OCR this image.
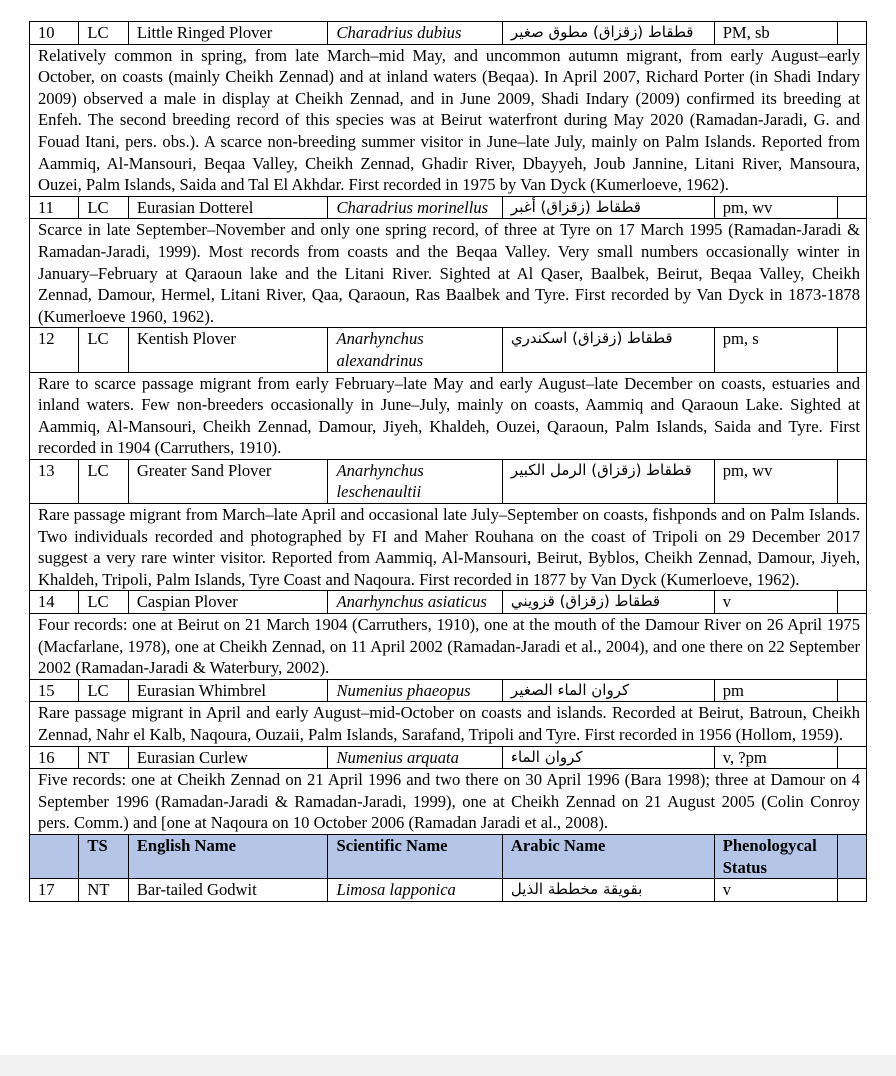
10	LC	Little Ringed Plover	Charadrius dubius	قطقاط (زقزاق) مطوق صغير	PM, sb	
Relatively common in spring, from late March–mid May, and uncommon autumn migrant, from early August–early October, on coasts (mainly Cheikh Zennad) and at inland waters (Beqaa). In April 2007, Richard Porter (in Shadi Indary 2009) observed a male in display at Cheikh Zennad, and in June 2009, Shadi Indary (2009) confirmed its breeding at Enfeh. The second breeding record of this species was at Beirut waterfront during May 2020 (Ramadan-Jaradi, G. and Fouad Itani, pers. obs.). A scarce non-breeding summer visitor in June–late July, mainly on Palm Islands. Reported from Aammiq, Al-Mansouri, Beqaa Valley, Cheikh Zennad, Ghadir River, Dbayyeh, Joub Jannine, Litani River, Mansoura, Ouzei, Palm Islands, Saida and Tal El Akhdar. First recorded in 1975 by Van Dyck (Kumerloeve, 1962).						
11	LC	Eurasian Dotterel	Charadrius morinellus	قطقاط (زقزاق) أغبر	pm, wv	
Scarce in late September–November and only one spring record, of three at Tyre on 17 March 1995 (Ramadan-Jaradi & Ramadan-Jaradi, 1999). Most records from coasts and the Beqaa Valley. Very small numbers occasionally winter in January–February at Qaraoun lake and the Litani River. Sighted at Al Qaser, Baalbek, Beirut, Beqaa Valley, Cheikh Zennad, Damour, Hermel, Litani River, Qaa, Qaraoun, Ras Baalbek and Tyre. First recorded by Van Dyck in 1873-1878 (Kumerloeve 1960, 1962).						
12	LC	Kentish Plover	Anarhynchus alexandrinus	قطقاط (زقزاق) اسكندري	pm, s	
Rare to scarce passage migrant from early February–late May and early August–late December on coasts, estuaries and inland waters. Few non-breeders occasionally in June–July, mainly on coasts, Aammiq and Qaraoun Lake. Sighted at Aammiq, Al-Mansouri, Cheikh Zennad, Damour, Jiyeh, Khaldeh, Ouzei, Qaraoun, Palm Islands, Saida and Tyre. First recorded in 1904 (Carruthers, 1910).						
13	LC	Greater Sand Plover	Anarhynchus leschenaultii	قطقاط (زقزاق) الرمل الكبير	pm, wv	
Rare passage migrant from March–late April and occasional late July–September on coasts, fishponds and on Palm Islands. Two individuals recorded and photographed by FI and Maher Rouhana on the coast of Tripoli on 29 December 2017 suggest a very rare winter visitor. Reported from Aammiq, Al-Mansouri, Beirut, Byblos, Cheikh Zennad, Damour, Jiyeh, Khaldeh, Tripoli, Palm Islands, Tyre Coast and Naqoura. First recorded in 1877 by Van Dyck (Kumerloeve, 1962).						
14	LC	Caspian Plover	Anarhynchus asiaticus	قطقاط (زقزاق) قزويني	v	
Four records: one at Beirut on 21 March 1904 (Carruthers, 1910), one at the mouth of the Damour River on 26 April 1975 (Macfarlane, 1978), one at Cheikh Zennad, on 11 April 2002 (Ramadan-Jaradi et al., 2004), and one there on 22 September 2002 (Ramadan-Jaradi & Waterbury, 2002).						
15	LC	Eurasian Whimbrel	Numenius phaeopus	كروان الماء الصغير	pm	
Rare passage migrant in April and early August–mid-October on coasts and islands. Recorded at Beirut, Batroun, Cheikh Zennad, Nahr el Kalb, Naqoura, Ouzaii, Palm Islands, Sarafand, Tripoli and Tyre. First recorded in 1956 (Hollom, 1959).						
16	NT	Eurasian Curlew	Numenius arquata	كروان الماء	v, ?pm	
Five records: one at Cheikh Zennad on 21 April 1996 and two there on 30 April 1996 (Bara 1998); three at Damour on 4 September 1996 (Ramadan-Jaradi & Ramadan-Jaradi, 1999), one at Cheikh Zennad on 21 August 2005 (Colin Conroy pers. Comm.) and [one at Naqoura on 10 October 2006 (Ramadan Jaradi et al., 2008).						
	TS	English Name	Scientific Name	Arabic Name	Phenologycal Status	
17	NT	Bar-tailed Godwit	Limosa lapponica	بقويقة مخططة الذيل	v	
